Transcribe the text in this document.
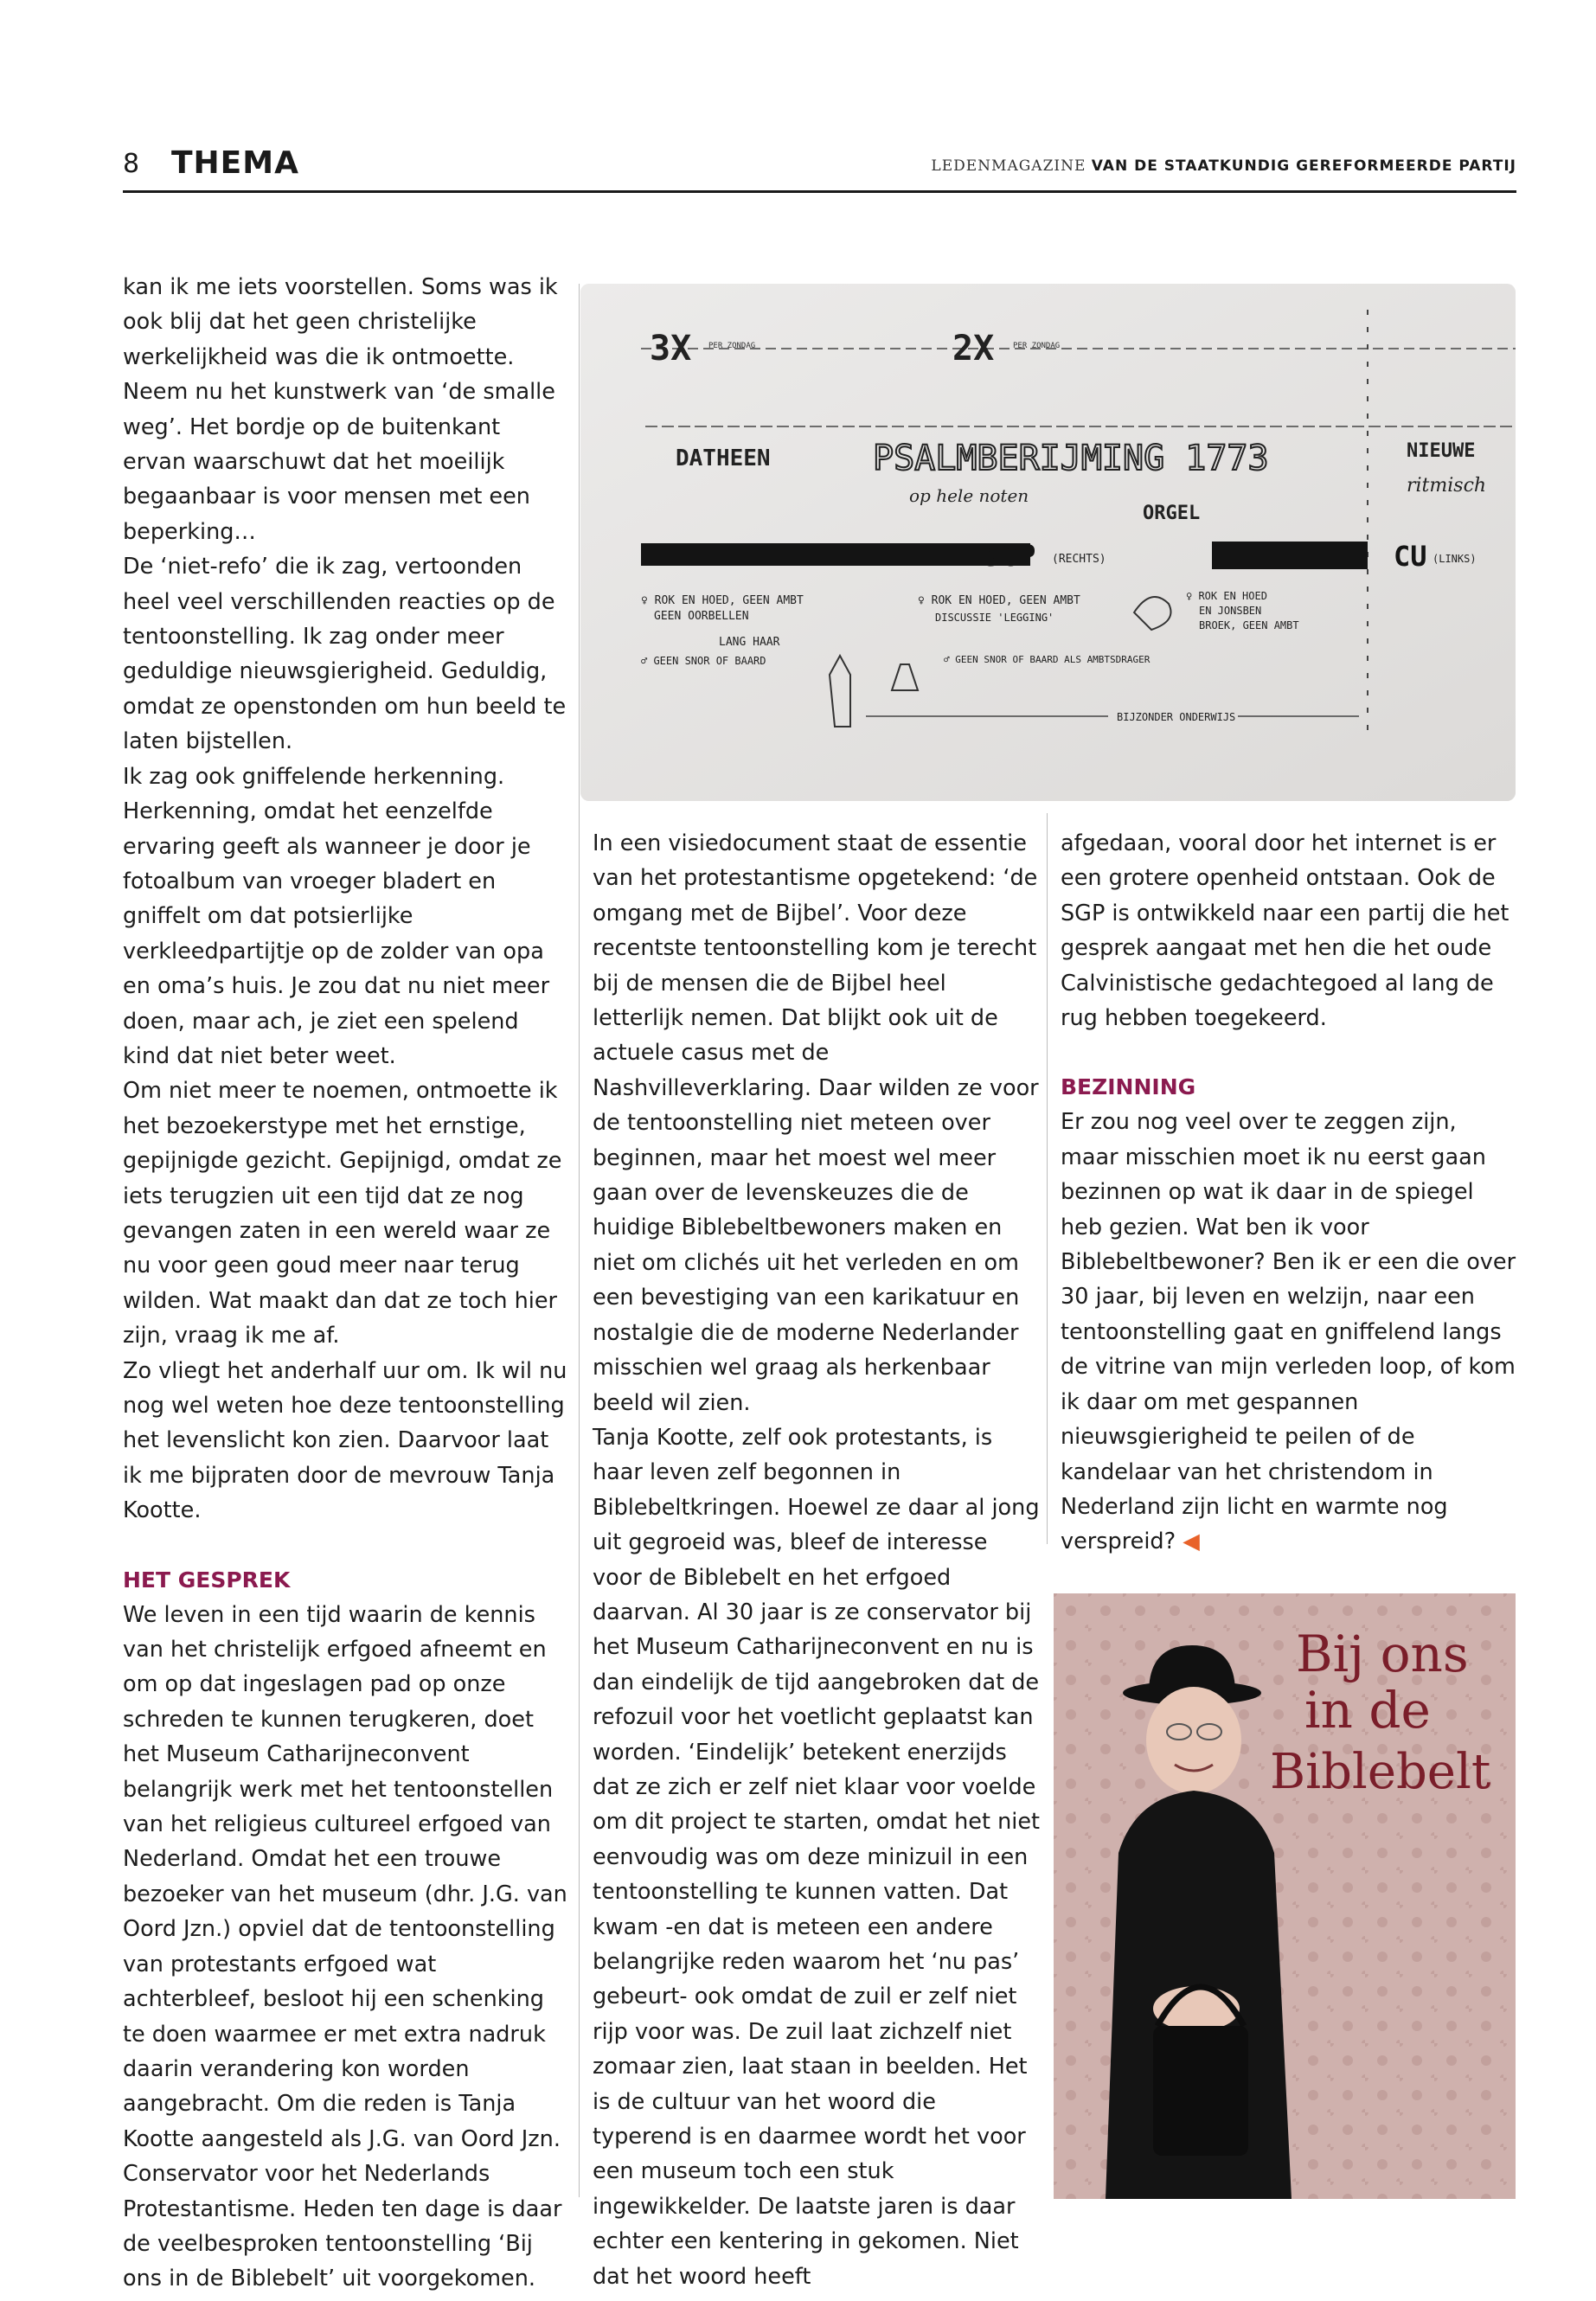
8 THEMA	LEDENMAGAZINE VAN DE STAATKUNDIG GEREFORMEERDE PARTIJ

kan ik me iets voorstellen. Soms was ik ook blij dat het geen christelijke werkelijkheid was die ik ontmoette. Neem nu het kunstwerk van ‘de smalle weg’. Het bordje op de buitenkant ervan waarschuwt dat het moeilijk begaanbaar is voor mensen met een beperking…

De ‘niet-refo’ die ik zag, vertoonden heel veel verschillenden reacties op de tentoonstelling. Ik zag onder meer geduldige nieuwsgierigheid. Geduldig, omdat ze openstonden om hun beeld te laten bijstellen.

Ik zag ook gniffelende herkenning. Herkenning, omdat het eenzelfde ervaring geeft als wanneer je door je fotoalbum van vroeger bladert en gniffelt om dat potsierlijke verkleedpartijtje op de zolder van opa en oma’s huis. Je zou dat nu niet meer doen, maar ach, je ziet een spelend kind dat niet beter weet.

Om niet meer te noemen, ontmoette ik het bezoekerstype met het ernstige, gepijnigde gezicht. Gepijnigd, omdat ze iets terugzien uit een tijd dat ze nog gevangen zaten in een wereld waar ze nu voor geen goud meer naar terug wilden. Wat maakt dan dat ze toch hier zijn, vraag ik me af.

Zo vliegt het anderhalf uur om. Ik wil nu nog wel weten hoe deze tentoonstelling het levenslicht kon zien. Daarvoor laat ik me bijpraten door de mevrouw Tanja Kootte.

HET GESPREK

We leven in een tijd waarin de kennis van het christelijk erfgoed afneemt en om op dat ingeslagen pad op onze schreden te kunnen terugkeren, doet het Museum Catharijneconvent belangrijk werk met het tentoonstellen van het religieus cultureel erfgoed van Nederland. Omdat het een trouwe bezoeker van het museum (dhr. J.G. van Oord Jzn.) opviel dat de tentoonstelling van protestants erfgoed wat achterbleef, besloot hij een schenking te doen waarmee er met extra nadruk daarin verandering kon worden aangebracht. Om die reden is Tanja Kootte aangesteld als J.G. van Oord Jzn. Conservator voor het Nederlands Protestantisme. Heden ten dage is daar de veelbesproken tentoonstelling ‘Bij ons in de Biblebelt’ uit voorgekomen.

3X PER ZONDAG	2X PER ZONDAG
DATHEEN	PSALMBERIJMING 1773	NIEUWE
ritmisch
op hele noten
ORGEL
SGP (RECHTS)	CU (LINKS)
♀ ROK EN HOED, GEEN AMBT
GEEN OORBELLEN
LANG HAAR
♀ ROK EN HOED, GEEN AMBT
DISCUSSIE 'LEGGING'
♀ ROK EN HOED
EN JONSBEN
BROEK, GEEN AMBT
♂ GEEN SNOR OF BAARD	♂ GEEN SNOR OF BAARD ALS AMBTSDRAGER
BIJZONDER ONDERWIJS

In een visiedocument staat de essentie van het protestantisme opgetekend: ‘de omgang met de Bijbel’. Voor deze recentste tentoonstelling kom je terecht bij de mensen die de Bijbel heel letterlijk nemen. Dat blijkt ook uit de actuele casus met de Nashvilleverklaring. Daar wilden ze voor de tentoonstelling niet meteen over beginnen, maar het moest wel meer gaan over de levenskeuzes die de huidige Biblebeltbewoners maken en niet om clichés uit het verleden en om een bevestiging van een karikatuur en nostalgie die de moderne Nederlander misschien wel graag als herkenbaar beeld wil zien.

Tanja Kootte, zelf ook protestants, is haar leven zelf begonnen in Biblebeltkringen. Hoewel ze daar al jong uit gegroeid was, bleef de interesse voor de Biblebelt en het erfgoed daarvan. Al 30 jaar is ze conservator bij het Museum Catharijneconvent en nu is dan eindelijk de tijd aangebroken dat de refozuil voor het voetlicht geplaatst kan worden. ‘Eindelijk’ betekent enerzijds dat ze zich er zelf niet klaar voor voelde om dit project te starten, omdat het niet eenvoudig was om deze minizuil in een tentoonstelling te kunnen vatten. Dat kwam -en dat is meteen een andere belangrijke reden waarom het ‘nu pas’ gebeurt- ook omdat de zuil er zelf niet rijp voor was. De zuil laat zichzelf niet zomaar zien, laat staan in beelden. Het is de cultuur van het woord die typerend is en daarmee wordt het voor een museum toch een stuk ingewikkelder. De laatste jaren is daar echter een kentering in gekomen. Niet dat het woord heeft

afgedaan, vooral door het internet is er een grotere openheid ontstaan. Ook de SGP is ontwikkeld naar een partij die het gesprek aangaat met hen die het oude Calvinistische gedachtegoed al lang de rug hebben toegekeerd.

BEZINNING

Er zou nog veel over te zeggen zijn, maar misschien moet ik nu eerst gaan bezinnen op wat ik daar in de spiegel heb gezien. Wat ben ik voor Biblebeltbewoner? Ben ik er een die over 30 jaar, bij leven en welzijn, naar een tentoonstelling gaat en gniffelend langs de vitrine van mijn verleden loop, of kom ik daar om met gespannen nieuwsgierigheid te peilen of de kandelaar van het christendom in Nederland zijn licht en warmte nog verspreid? ◀

Bij ons
in de
Biblebelt
